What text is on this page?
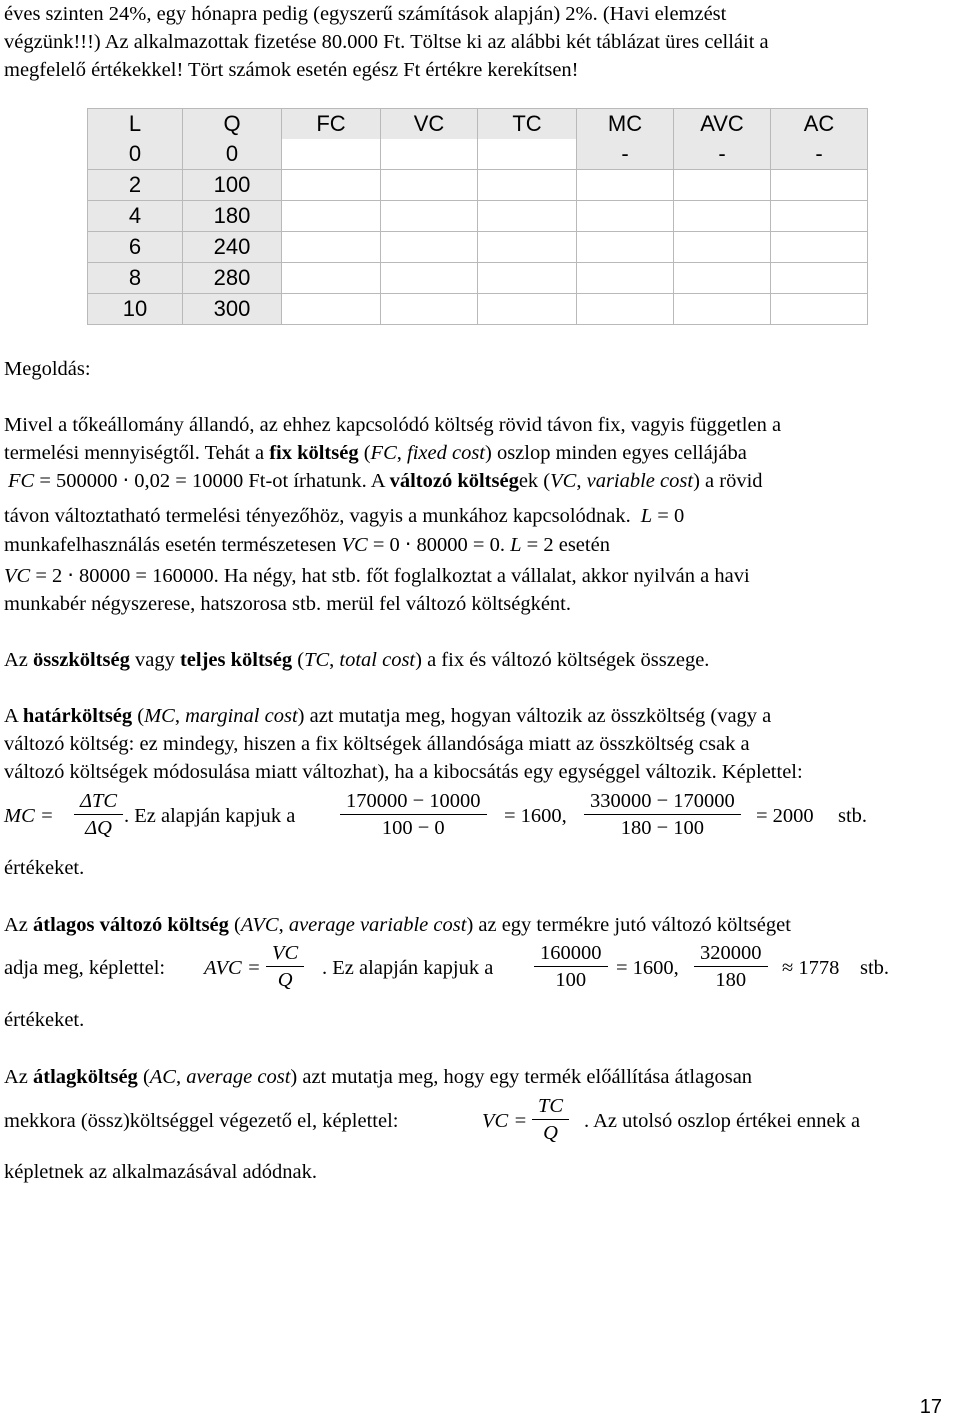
éves szinten 24%, egy hónapra pedig (egyszerű számítások alapján) 2%. (Havi elemzést

végzünk!!!) Az alkalmazottak fizetése 80.000 Ft. Töltse ki az alábbi két táblázat üres celláit a

megfelelő értékekkel! Tört számok esetén egész Ft értékre kerekítsen!

L	Q	FC	VC	TC	MC	AVC	AC
0	0				-	-	-
2	100						
4	180						
6	240						
8	280						
10	300						

Megoldás:

Mivel a tőkeállomány állandó, az ehhez kapcsolódó költség rövid távon fix, vagyis független a

termelési mennyiségtől. Tehát a fix költség (FC, fixed cost) oszlop minden egyes cellájába

FC = 500000 ⋅ 0,02 = 10000 Ft-ot írhatunk. A változó költségek (VC, variable cost) a rövid

távon változtatható termelési tényezőhöz, vagyis a munkához kapcsolódnak. L = 0

munkafelhasználás esetén természetesen VC = 0 ⋅ 80000 = 0. L = 2 esetén

VC = 2 ⋅ 80000 = 160000. Ha négy, hat stb. főt foglalkoztat a vállalat, akkor nyilván a havi

munkabér négyszerese, hatszorosa stb. merül fel változó költségként.

Az összköltség vagy teljes költség (TC, total cost) a fix és változó költségek összege.

A határköltség (MC, marginal cost) azt mutatja meg, hogyan változik az összköltség (vagy a

változó költség: ez mindegy, hiszen a fix költségek állandósága miatt az összköltség csak a

változó költségek módosulása miatt változhat), ha a kibocsátás egy egységgel változik. Képlettel:

MC =
ΔTC
ΔQ
. Ez alapján kapjuk a $\frac{170000 - 10000}{100 - 0} = 1600$, $\frac{330000 - 170000}{180 - 100} = 2000$ stb.

értékeket.

Az átlagos változó költség (AVC, average variable cost) az egy termékre jutó változó költséget

adja meg, képlettel: AVC = $\frac{VC}{Q}$ . Ez alapján kapjuk a $\frac{160000}{100} = 1600$, $\frac{320000}{180} \approx 1778$ stb.

értékeket.

Az átlagköltség (AC, average cost) azt mutatja meg, hogy egy termék előállítása átlagosan

mekkora (össz)költséggel végezető el, képlettel:	VC = $\frac{TC}{Q}$ . Az utolsó oszlop értékei ennek a

képletnek az alkalmazásával adódnak.

17
